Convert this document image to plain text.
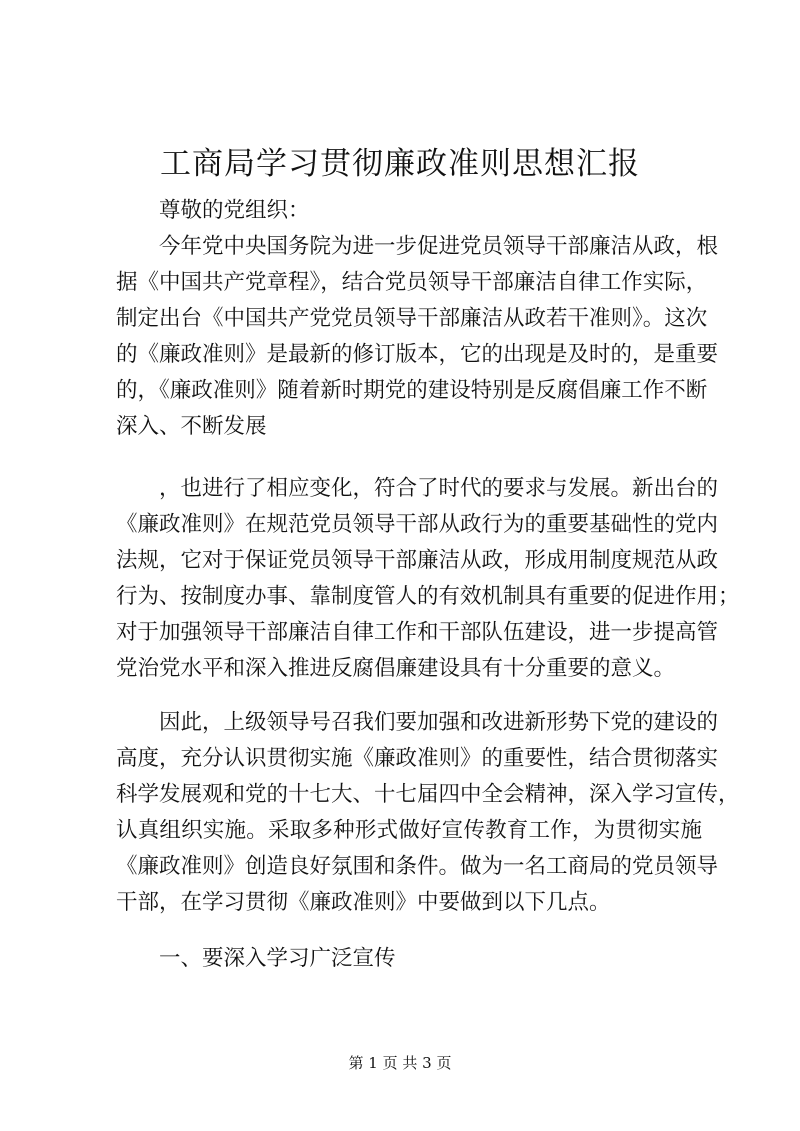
工商局学习贯彻廉政准则思想汇报

　　尊敬的党组织：

　　今年党中央国务院为进一步促进党员领导干部廉洁从政，根

据《中国共产党章程》，结合党员领导干部廉洁自律工作实际，

制定出台《中国共产党党员领导干部廉洁从政若干准则》。这次

的《廉政准则》是最新的修订版本，它的出现是及时的，是重要

的，《廉政准则》随着新时期党的建设特别是反腐倡廉工作不断

深入、不断发展

　　，也进行了相应变化，符合了时代的要求与发展。新出台的

《廉政准则》在规范党员领导干部从政行为的重要基础性的党内

法规，它对于保证党员领导干部廉洁从政，形成用制度规范从政

行为、按制度办事、靠制度管人的有效机制具有重要的促进作用；

对于加强领导干部廉洁自律工作和干部队伍建设，进一步提高管

党治党水平和深入推进反腐倡廉建设具有十分重要的意义。

　　因此，上级领导号召我们要加强和改进新形势下党的建设的

高度，充分认识贯彻实施《廉政准则》的重要性，结合贯彻落实

科学发展观和党的十七大、十七届四中全会精神，深入学习宣传，

认真组织实施。采取多种形式做好宣传教育工作，为贯彻实施

《廉政准则》创造良好氛围和条件。做为一名工商局的党员领导

干部，在学习贯彻《廉政准则》中要做到以下几点。

　　一、要深入学习广泛宣传

第 1 页 共 3 页
